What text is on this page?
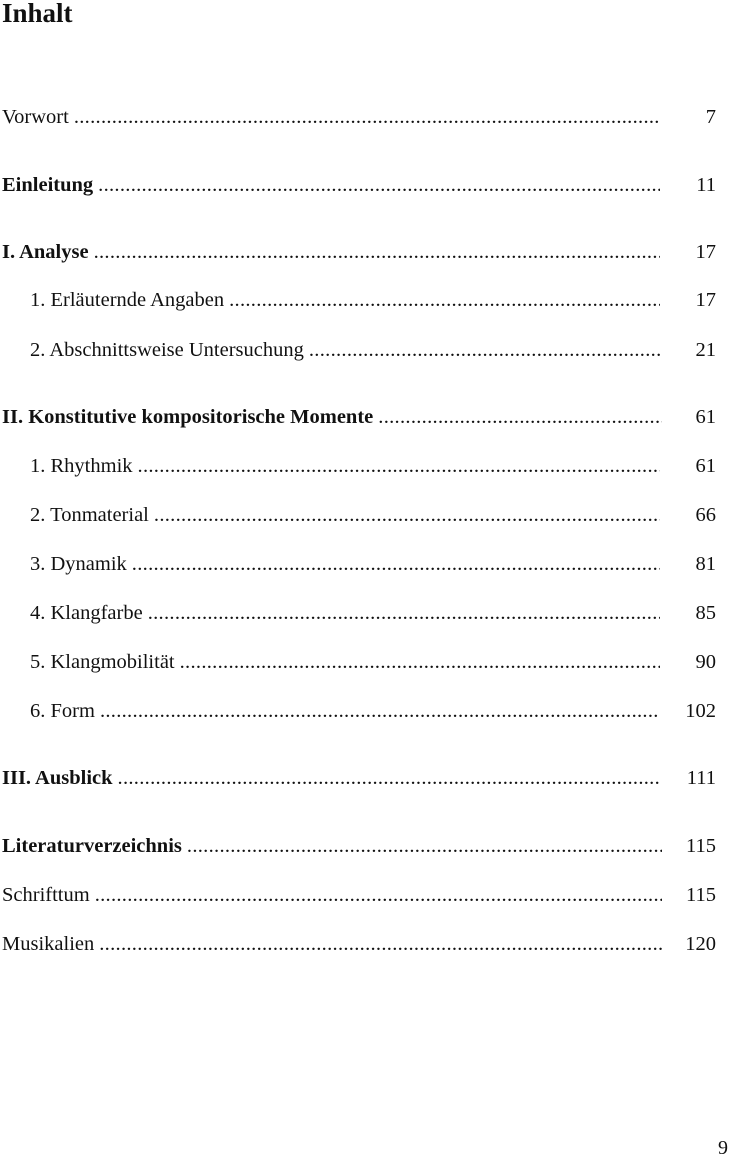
Inhalt
Vorwort .....	7
Einleitung .....	11
I. Analyse .....	17
1. Erläuternde Angaben .....	17
2. Abschnittsweise Untersuchung .....	21
II. Konstitutive kompositorische Momente .....	61
1. Rhythmik .....	61
2. Tonmaterial .....	66
3. Dynamik .....	81
4. Klangfarbe .....	85
5. Klangmobilität .....	90
6. Form .....	102
III. Ausblick .....	111
Literaturverzeichnis .....	115
Schrifttum .....	115
Musikalien .....	120
9
